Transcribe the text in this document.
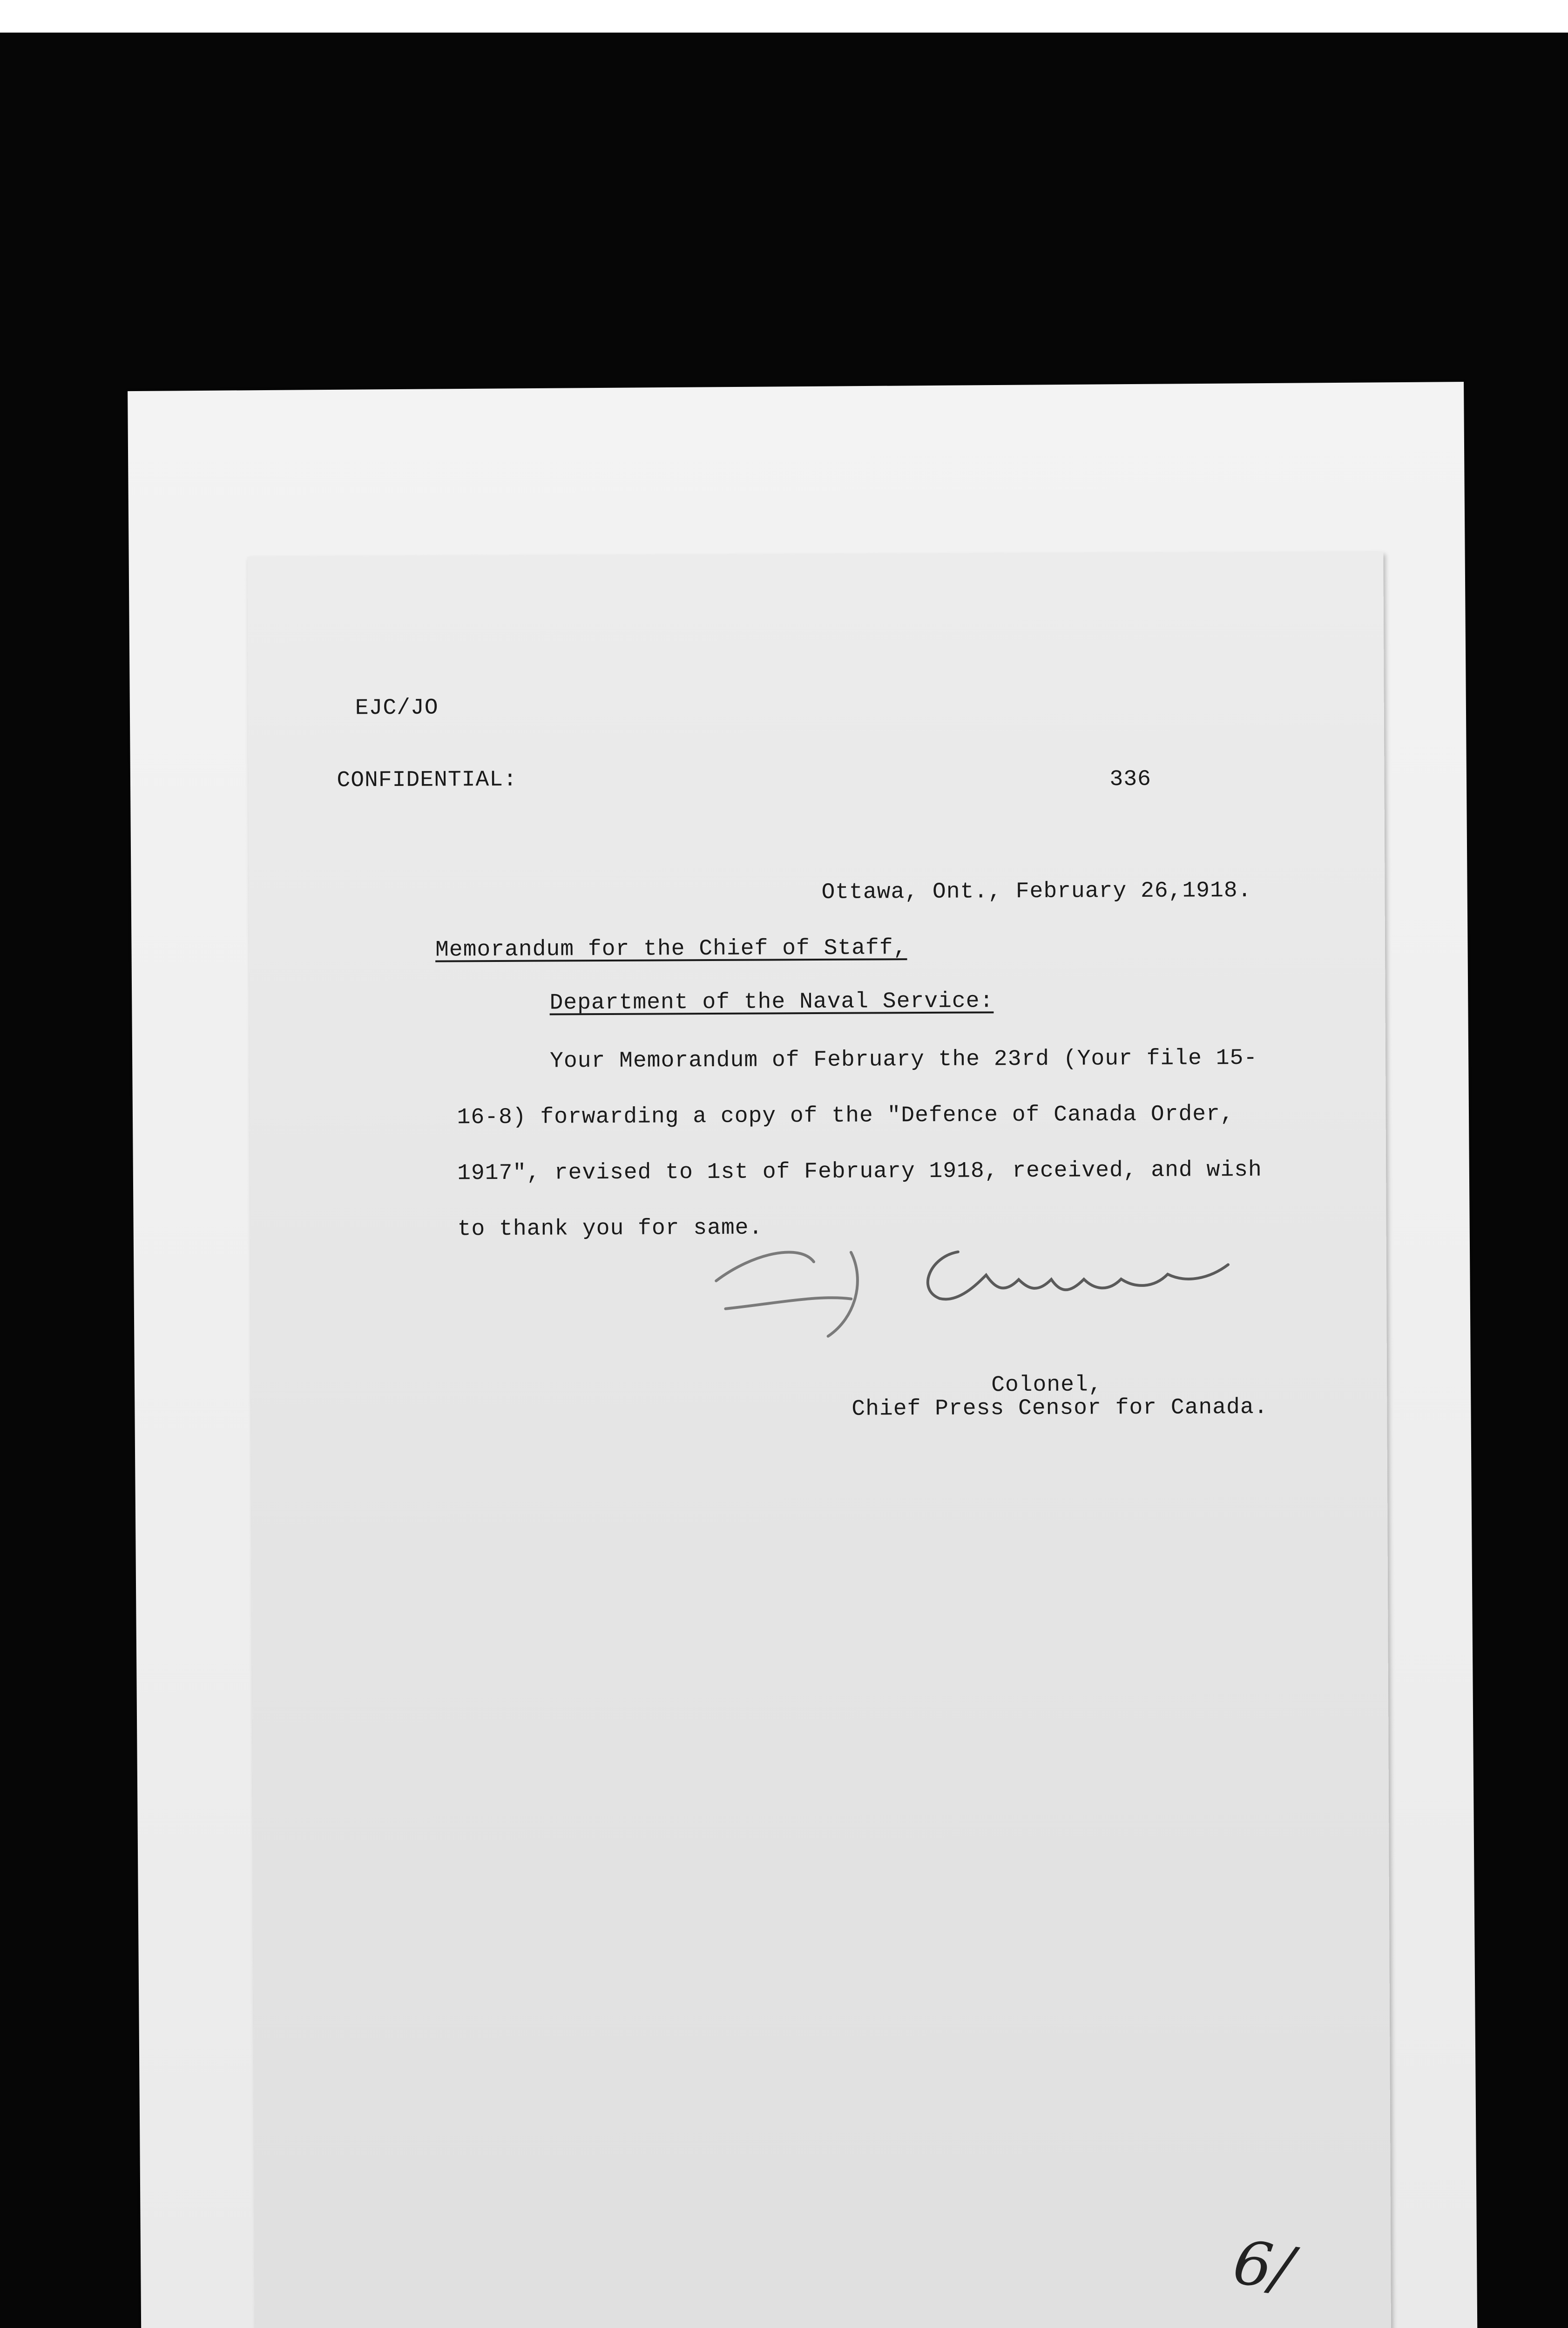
EJC/JO
CONFIDENTIAL:	336
Ottawa, Ont., February 26,1918.
Memorandum for the Chief of Staff,
Department of the Naval Service:
Your Memorandum of February the 23rd (Your file 15-
16-8) forwarding a copy of the "Defence of Canada Order,
1917", revised to 1st of February 1918, received, and wish
to thank you for same.
Colonel,
Chief Press Censor for Canada.
6/
